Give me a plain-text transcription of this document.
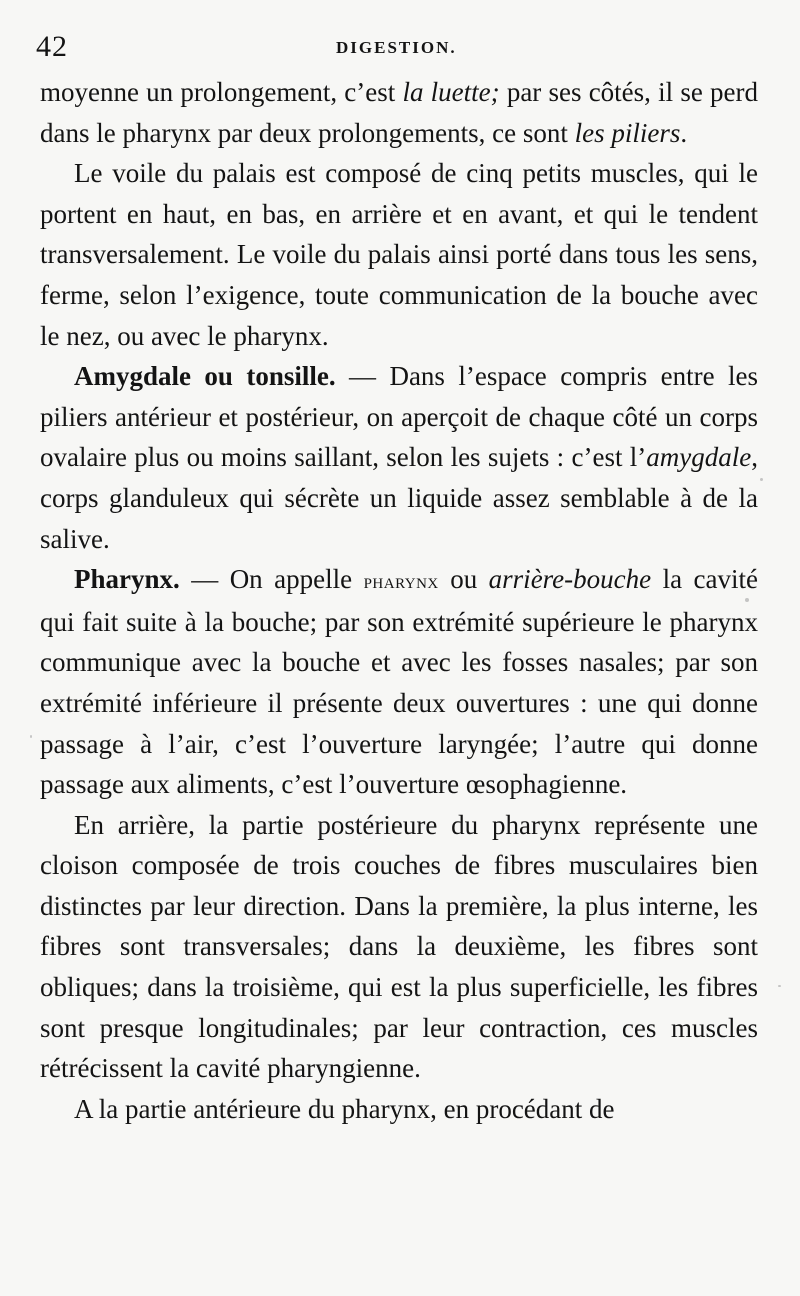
42	DIGESTION.

moyenne un prolongement, c’est la luette; par ses côtés, il se perd dans le pharynx par deux prolongements, ce sont les piliers.

Le voile du palais est composé de cinq petits muscles, qui le portent en haut, en bas, en arrière et en avant, et qui le tendent transversalement. Le voile du palais ainsi porté dans tous les sens, ferme, selon l’exigence, toute communication de la bouche avec le nez, ou avec le pharynx.

Amygdale ou tonsille. — Dans l’espace compris entre les piliers antérieur et postérieur, on aperçoit de chaque côté un corps ovalaire plus ou moins saillant, selon les sujets : c’est l’amygdale, corps glanduleux qui sécrète un liquide assez semblable à de la salive.

Pharynx. — On appelle pharynx ou arrière-bouche la cavité qui fait suite à la bouche; par son extrémité supérieure le pharynx communique avec la bouche et avec les fosses nasales; par son extrémité inférieure il présente deux ouvertures : une qui donne passage à l’air, c’est l’ouverture laryngée; l’autre qui donne passage aux aliments, c’est l’ouverture œsophagienne.

En arrière, la partie postérieure du pharynx représente une cloison composée de trois couches de fibres musculaires bien distinctes par leur direction. Dans la première, la plus interne, les fibres sont transversales; dans la deuxième, les fibres sont obliques; dans la troisième, qui est la plus superficielle, les fibres sont presque longitudinales; par leur contraction, ces muscles rétrécissent la cavité pharyngienne.

A la partie antérieure du pharynx, en procédant de
